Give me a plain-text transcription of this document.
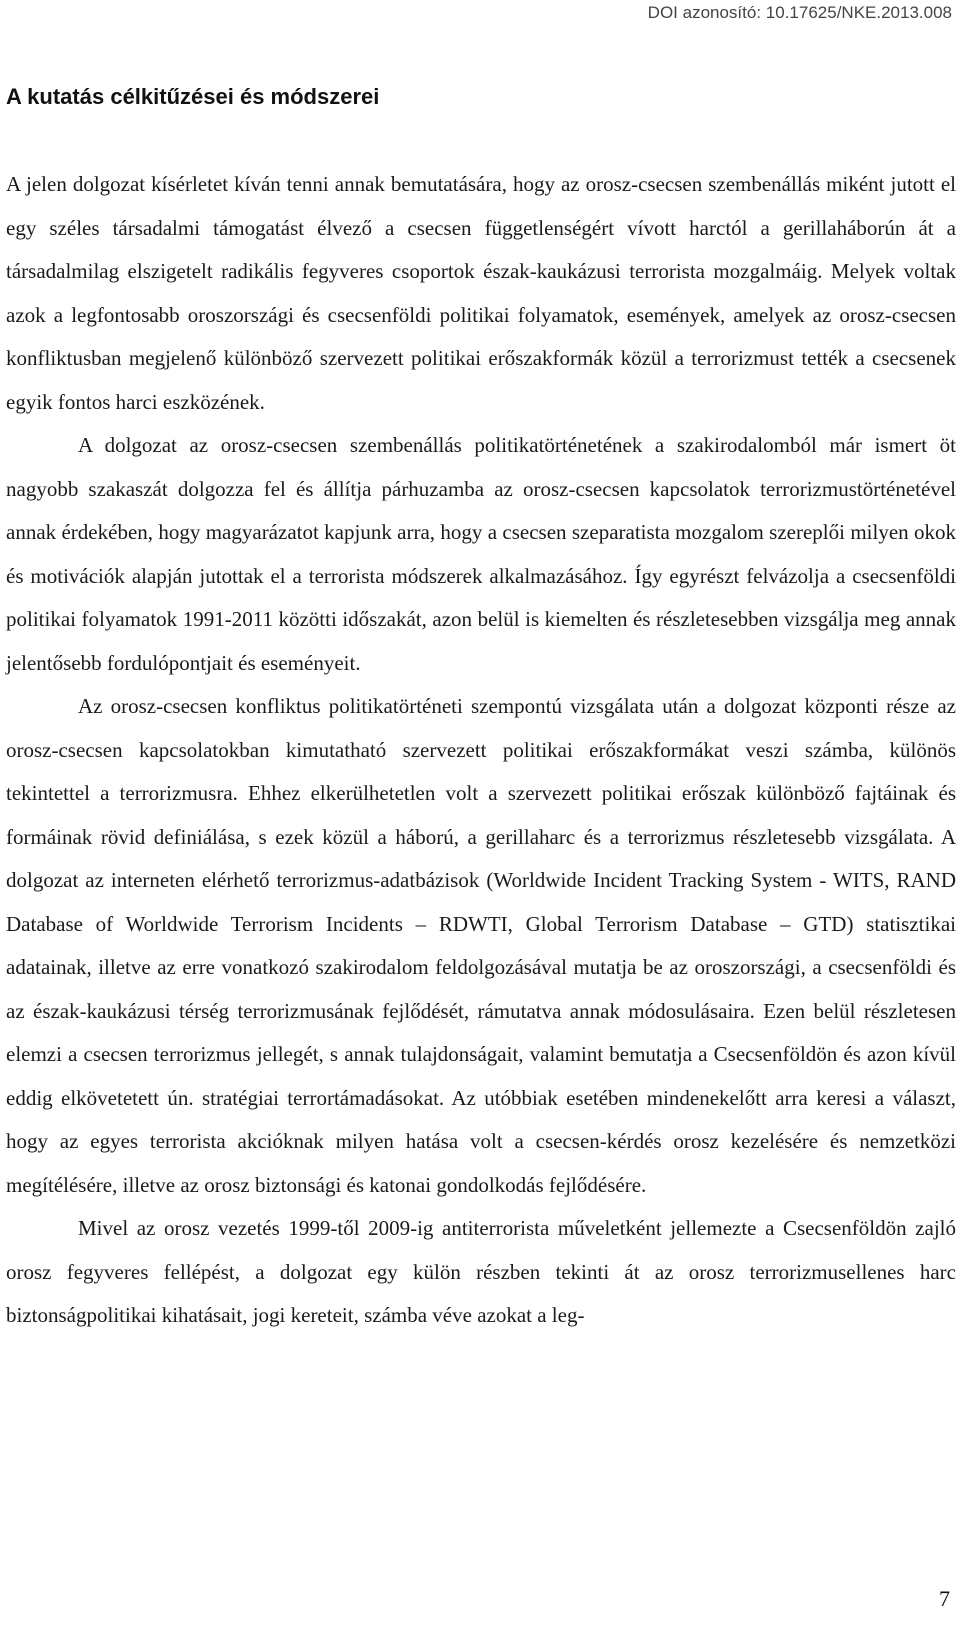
DOI azonosító: 10.17625/NKE.2013.008
A kutatás célkitűzései és módszerei

A jelen dolgozat kísérletet kíván tenni annak bemutatására, hogy az orosz-csecsen szembenállás miként jutott el egy széles társadalmi támogatást élvező a csecsen függetlenségért vívott harctól a gerillaháborún át a társadalmilag elszigetelt radikális fegyveres csoportok észak-kaukázusi terrorista mozgalmáig. Melyek voltak azok a legfontosabb oroszországi és csecsenföldi politikai folyamatok, események, amelyek az orosz-csecsen konfliktusban megjelenő különböző szervezett politikai erőszakformák közül a terrorizmust tették a csecsenek egyik fontos harci eszközének.

A dolgozat az orosz-csecsen szembenállás politikatörténetének a szakirodalomból már ismert öt nagyobb szakaszát dolgozza fel és állítja párhuzamba az orosz-csecsen kapcsolatok terrorizmustörténetével annak érdekében, hogy magyarázatot kapjunk arra, hogy a csecsen szeparatista mozgalom szereplői milyen okok és motivációk alapján jutottak el a terrorista módszerek alkalmazásához. Így egyrészt felvázolja a csecsenföldi politikai folyamatok 1991-2011 közötti időszakát, azon belül is kiemelten és részletesebben vizsgálja meg annak jelentősebb fordulópontjait és eseményeit.

Az orosz-csecsen konfliktus politikatörténeti szempontú vizsgálata után a dolgozat központi része az orosz-csecsen kapcsolatokban kimutatható szervezett politikai erőszakformákat veszi számba, különös tekintettel a terrorizmusra. Ehhez elkerülhetetlen volt a szervezett politikai erőszak különböző fajtáinak és formáinak rövid definiálása, s ezek közül a háború, a gerillaharc és a terrorizmus részletesebb vizsgálata. A dolgozat az interneten elérhető terrorizmus-adatbázisok (Worldwide Incident Tracking System - WITS, RAND Database of Worldwide Terrorism Incidents – RDWTI, Global Terrorism Database – GTD) statisztikai adatainak, illetve az erre vonatkozó szakirodalom feldolgozásával mutatja be az oroszországi, a csecsenföldi és az észak-kaukázusi térség terrorizmusának fejlődését, rámutatva annak módosulásaira. Ezen belül részletesen elemzi a csecsen terrorizmus jellegét, s annak tulajdonságait, valamint bemutatja a Csecsenföldön és azon kívül eddig elkövetetett ún. stratégiai terrortámadásokat. Az utóbbiak esetében mindenekelőtt arra keresi a választ, hogy az egyes terrorista akcióknak milyen hatása volt a csecsen-kérdés orosz kezelésére és nemzetközi megítélésére, illetve az orosz biztonsági és katonai gondolkodás fejlődésére.

Mivel az orosz vezetés 1999-től 2009-ig antiterrorista műveletként jellemezte a Csecsenföldön zajló orosz fegyveres fellépést, a dolgozat egy külön részben tekinti át az orosz terrorizmusellenes harc biztonságpolitikai kihatásait, jogi kereteit, számba véve azokat a leg-

7
